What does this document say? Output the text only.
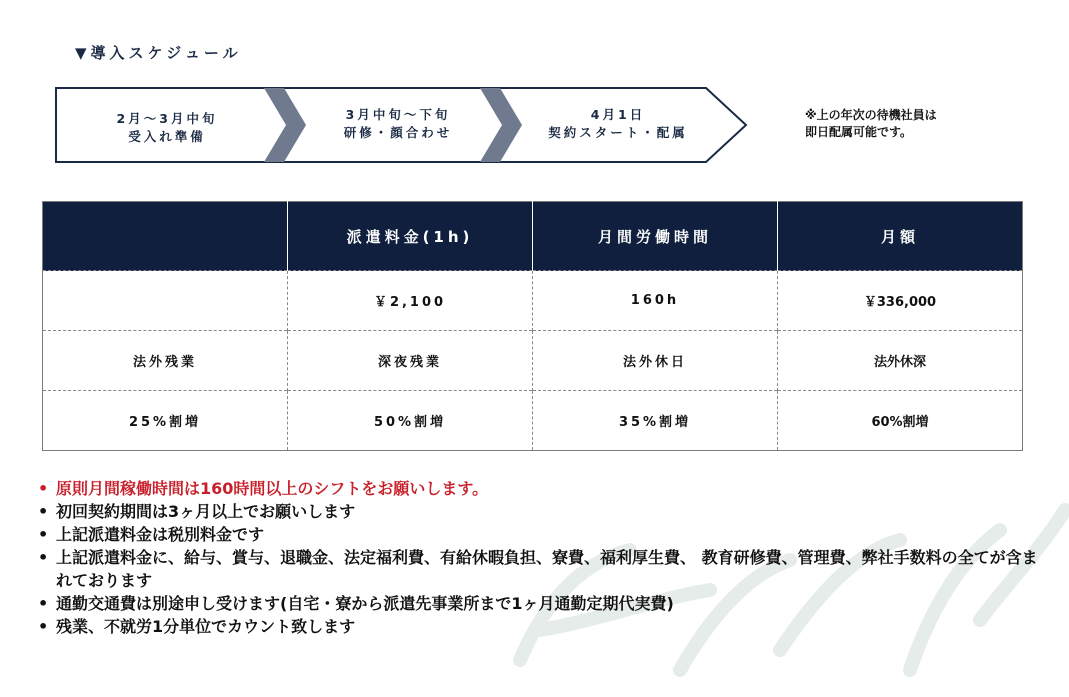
▼導入スケジュール
2月～3月中旬
受入れ準備
3月中旬～下旬
研修・顔合わせ
4月1日
契約スタート・配属
※上の年次の待機社員は
即日配属可能です。
	派遣料金(1h)	月間労働時間	月額
	￥2,100	160h	￥336,000
法外残業	深夜残業	法外休日	法外休深
25%割増	50%割増	35%割増	60%割増
• 原則月間稼働時間は160時間以上のシフトをお願いします。
• 初回契約期間は3ヶ月以上でお願いします
• 上記派遣料金は税別料金です
• 上記派遣料金に、給与、賞与、退職金、法定福利費、有給休暇負担、寮費、福利厚生費、 教育研修費、管理費、弊社手数料の全てが含まれております
• 通勤交通費は別途申し受けます(自宅・寮から派遣先事業所まで1ヶ月通勤定期代実費)
• 残業、不就労1分単位でカウント致します
